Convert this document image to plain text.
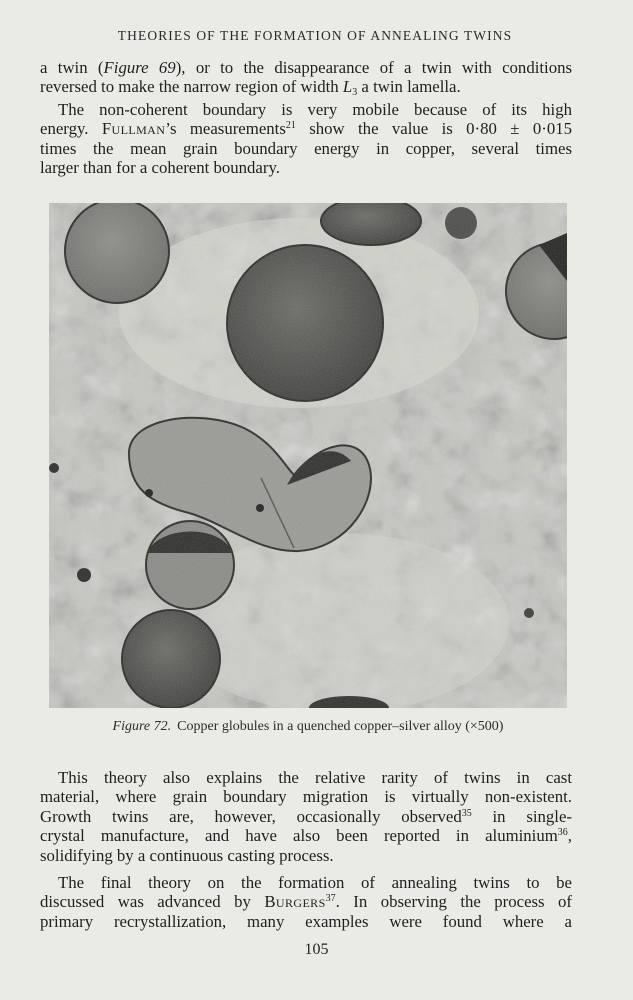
THEORIES OF THE FORMATION OF ANNEALING TWINS
a twin (Figure 69), or to the disappearance of a twin with conditions
reversed to make the narrow region of width $L_3$ a twin lamella.
The non-coherent boundary is very mobile because of its high
energy. Fullman’s measurements$^{21}$ show the value is 0·80 ± 0·015
times the mean grain boundary energy in copper, several times
larger than for a coherent boundary.
Figure 72. Copper globules in a quenched copper–silver alloy (×500)
This theory also explains the relative rarity of twins in cast
material, where grain boundary migration is virtually non-existent.
Growth twins are, however, occasionally observed$^{35}$ in single-
crystal manufacture, and have also been reported in aluminium$^{36}$,
solidifying by a continuous casting process.
The final theory on the formation of annealing twins to be
discussed was advanced by Burgers$^{37}$. In observing the process of
primary recrystallization, many examples were found where a
105
